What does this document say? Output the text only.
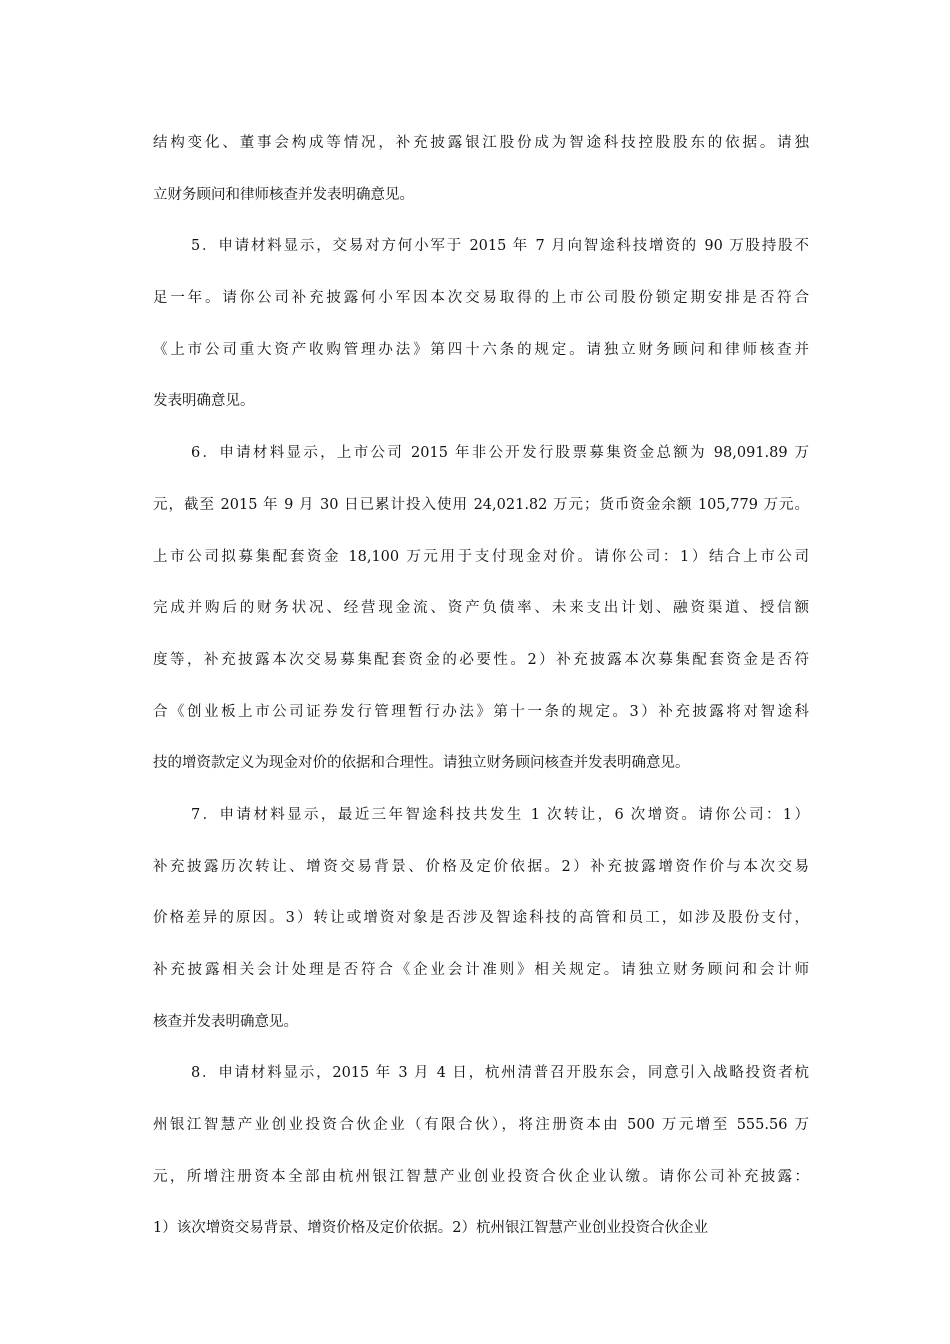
结构变化、董事会构成等情况，补充披露银江股份成为智途科技控股股东的依据。请独
立财务顾问和律师核查并发表明确意见。
5．申请材料显示，交易对方何小军于 2015 年 7 月向智途科技增资的 90 万股持股不
足一年。请你公司补充披露何小军因本次交易取得的上市公司股份锁定期安排是否符合
《上市公司重大资产收购管理办法》第四十六条的规定。请独立财务顾问和律师核查并
发表明确意见。
6．申请材料显示，上市公司 2015 年非公开发行股票募集资金总额为 98,091.89 万
元，截至 2015 年 9 月 30 日已累计投入使用 24,021.82 万元；货币资金余额 105,779 万元。
上市公司拟募集配套资金 18,100 万元用于支付现金对价。请你公司：1）结合上市公司
完成并购后的财务状况、经营现金流、资产负债率、未来支出计划、融资渠道、授信额
度等，补充披露本次交易募集配套资金的必要性。2）补充披露本次募集配套资金是否符
合《创业板上市公司证券发行管理暂行办法》第十一条的规定。3）补充披露将对智途科
技的增资款定义为现金对价的依据和合理性。请独立财务顾问核查并发表明确意见。
7．申请材料显示，最近三年智途科技共发生 1 次转让，6 次增资。请你公司：1）
补充披露历次转让、增资交易背景、价格及定价依据。2）补充披露增资作价与本次交易
价格差异的原因。3）转让或增资对象是否涉及智途科技的高管和员工，如涉及股份支付，
补充披露相关会计处理是否符合《企业会计准则》相关规定。请独立财务顾问和会计师
核查并发表明确意见。
8．申请材料显示，2015 年 3 月 4 日，杭州清普召开股东会，同意引入战略投资者杭
州银江智慧产业创业投资合伙企业（有限合伙），将注册资本由 500 万元增至 555.56 万
元，所增注册资本全部由杭州银江智慧产业创业投资合伙企业认缴。请你公司补充披露：
1）该次增资交易背景、增资价格及定价依据。2）杭州银江智慧产业创业投资合伙企业
